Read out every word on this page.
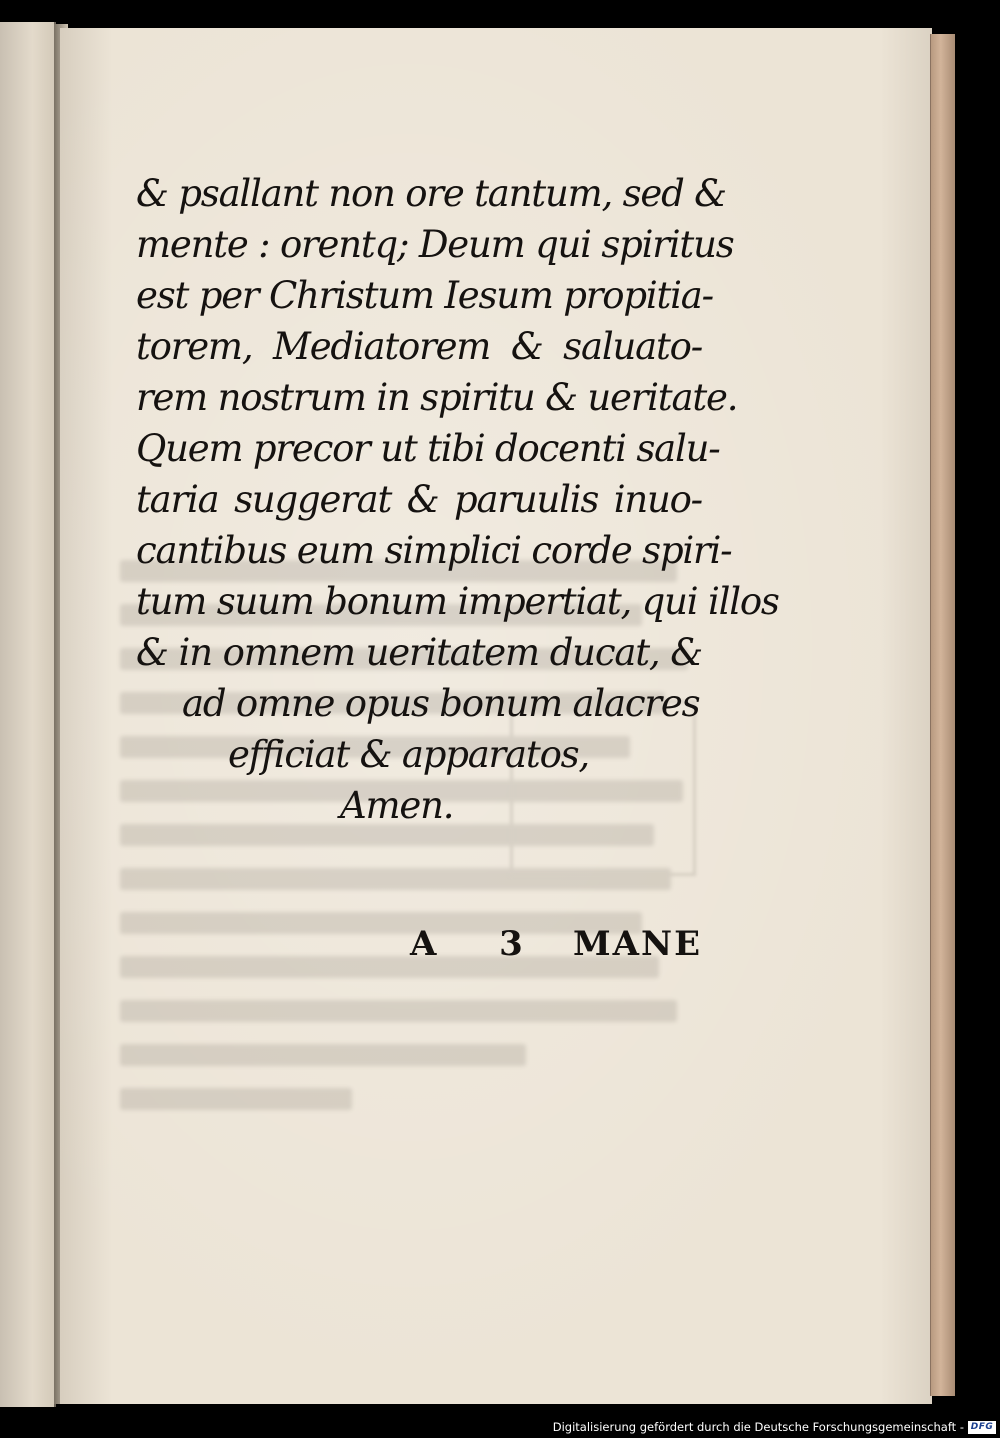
& psallant non ore tantum, sed &
mente : orentq; Deum qui spiritus
est per Christum Iesum propitia-
torem, Mediatorem & saluato-
rem nostrum in spiritu & ueritate.
Quem precor ut tibi docenti salu-
taria suggerat & paruulis inuo-
cantibus eum simplici corde spiri-
tum suum bonum impertiat, qui illos
& in omnem ueritatem ducat, &
ad omne opus bonum alacres
efficiat & apparatos,
Amen.
A	3 MANE
Digitalisierung gefördert durch die Deutsche Forschungsgemeinschaft - DFG
